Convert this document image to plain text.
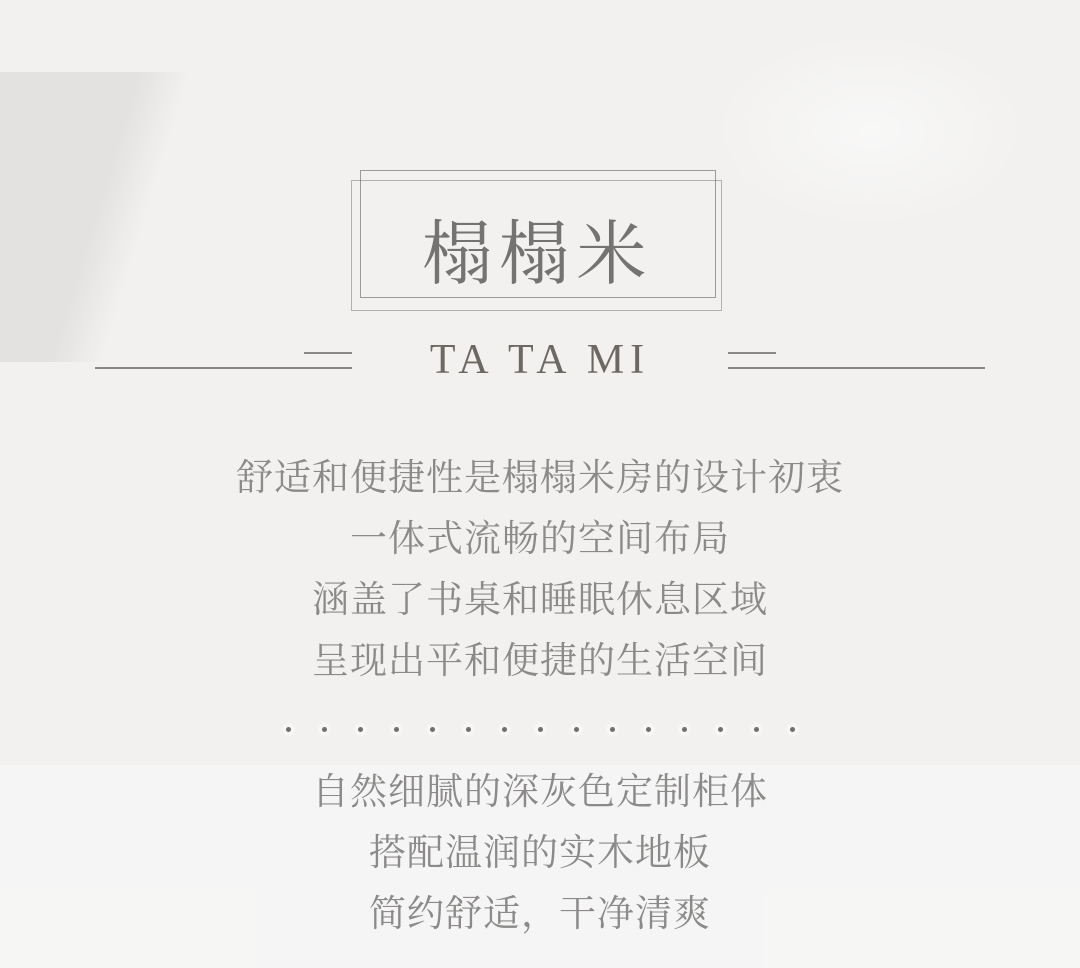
榻榻米
TA TA MI
舒适和便捷性是榻榻米房的设计初衷
一体式流畅的空间布局
涵盖了书桌和睡眠休息区域
呈现出平和便捷的生活空间
自然细腻的深灰色定制柜体
搭配温润的实木地板
简约舒适，干净清爽
